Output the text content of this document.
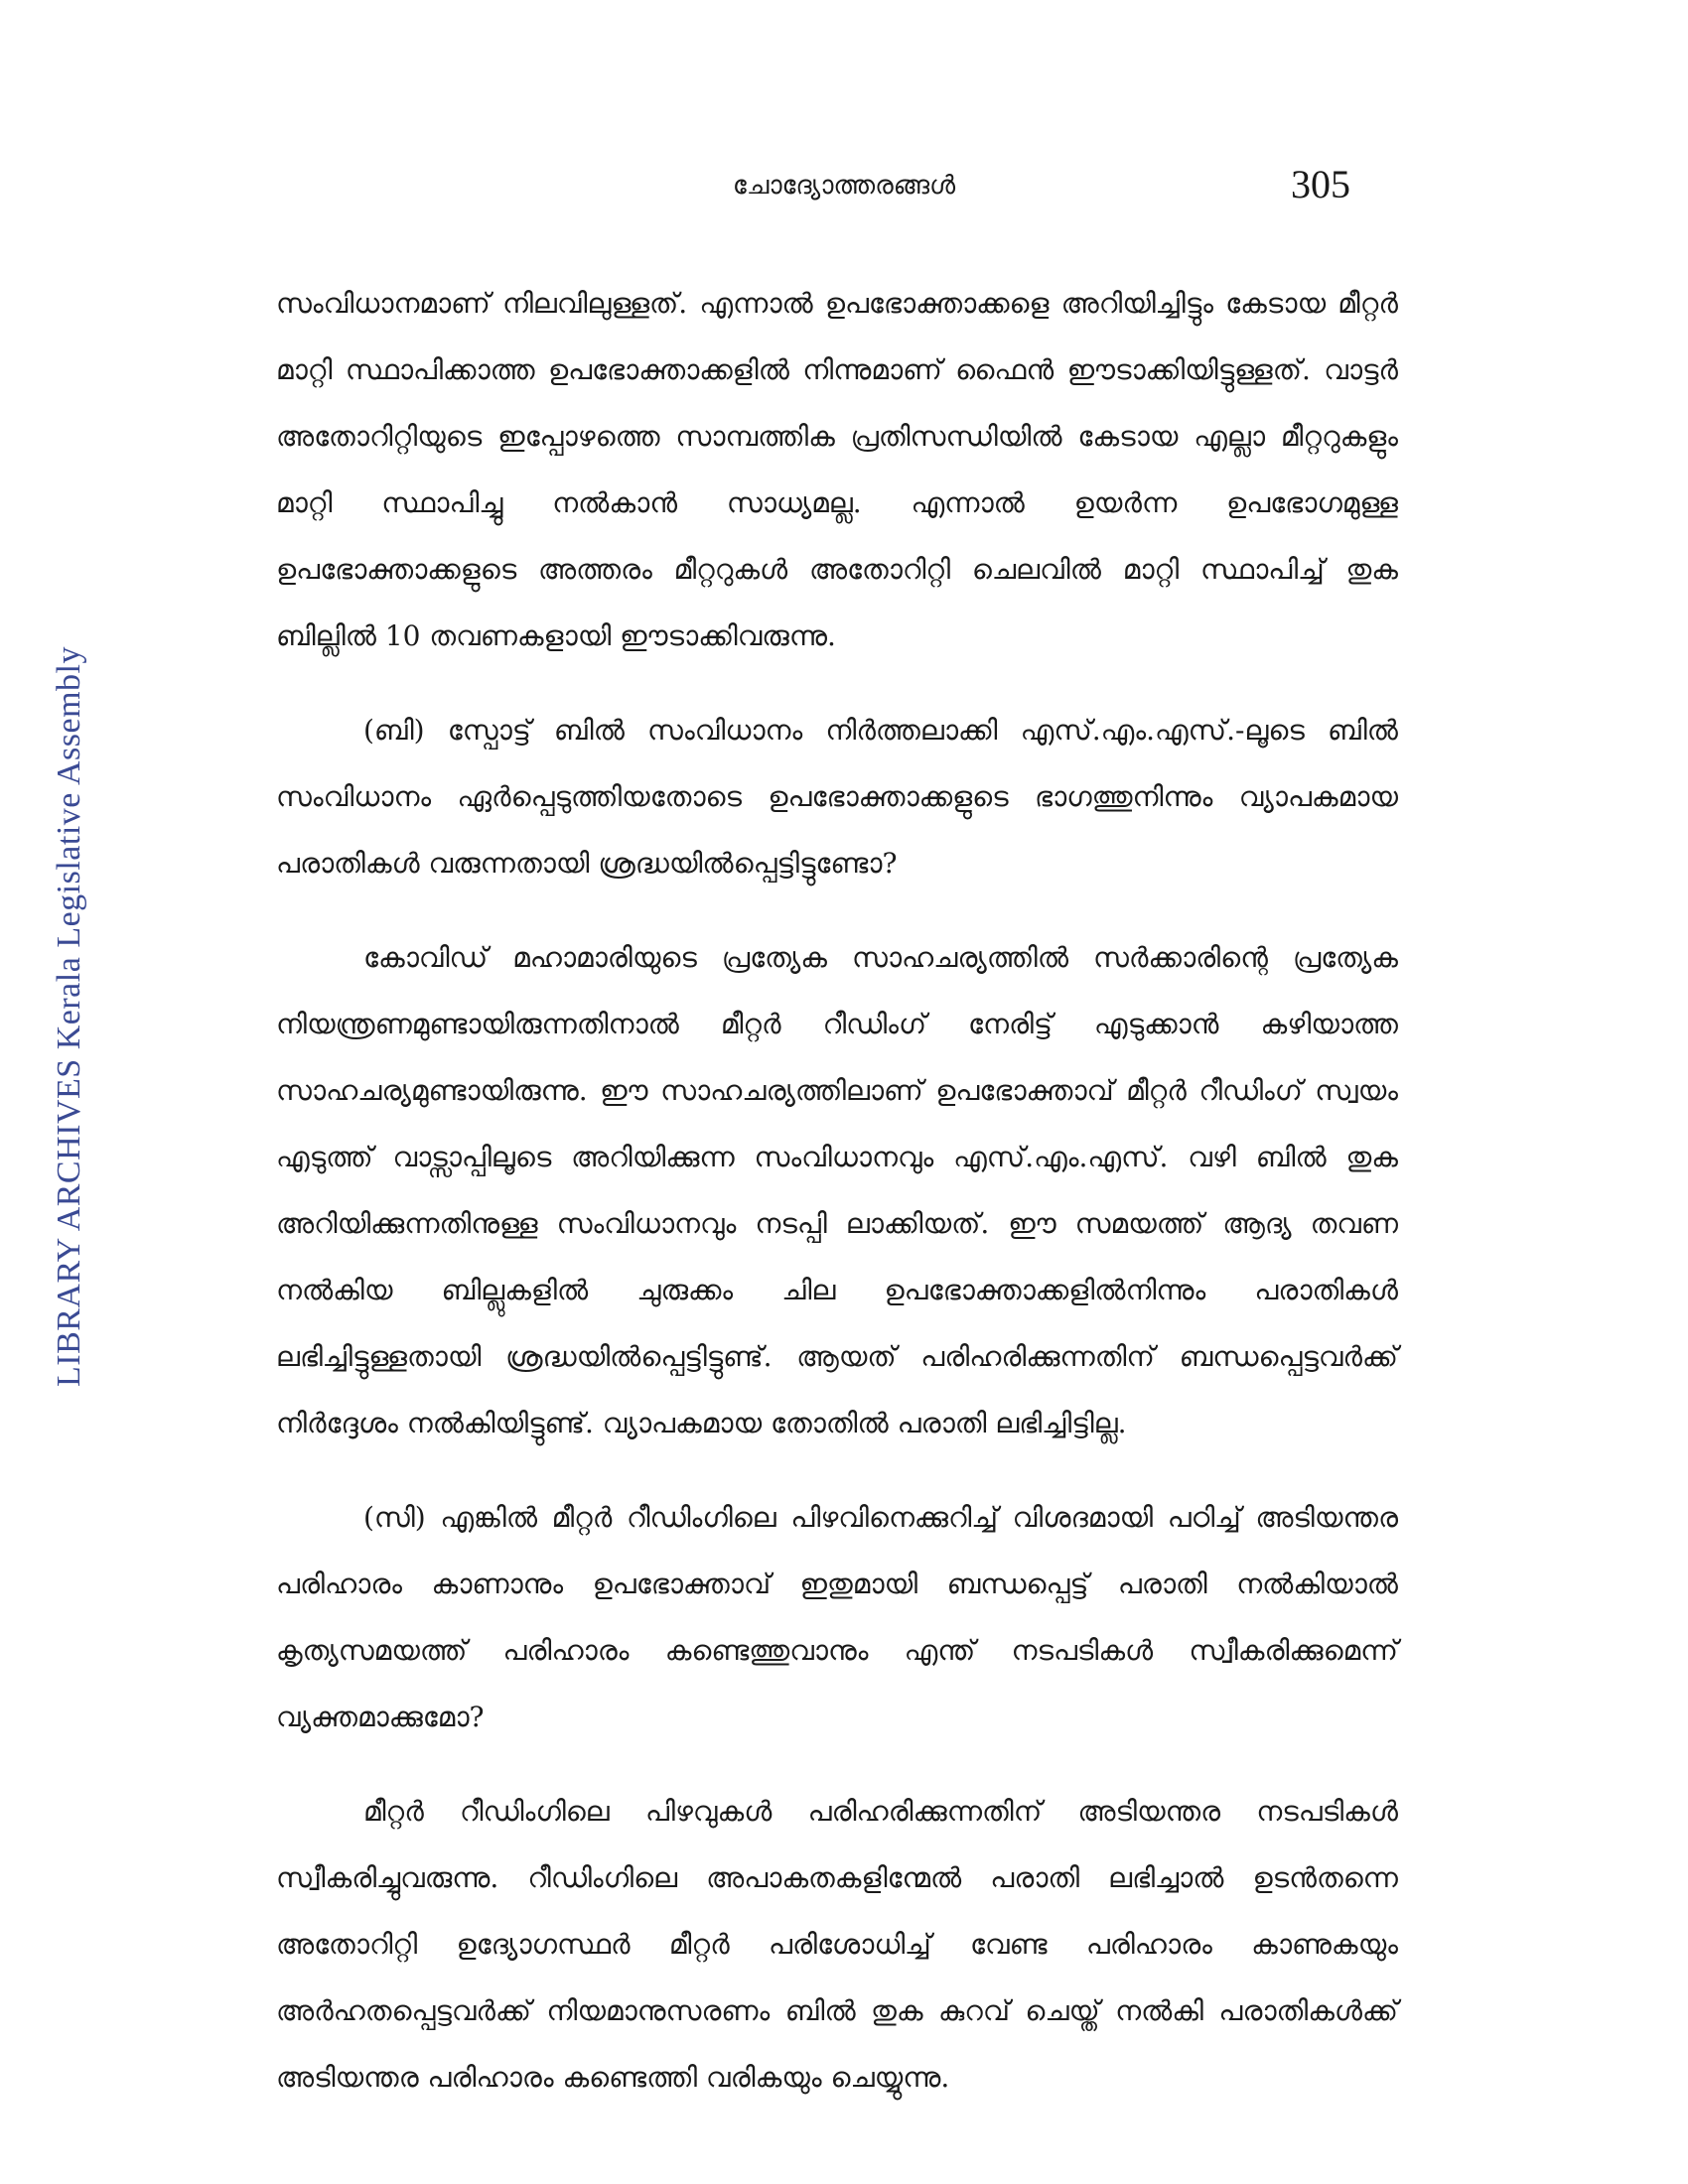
ചോദ്യോത്തരങ്ങൾ	305
LIBRARY ARCHIVES Kerala Legislative Assembly

സംവിധാനമാണ് നിലവിലുള്ളത്. എന്നാൽ ഉപഭോക്താക്കളെ അറിയിച്ചിട്ടും കേടായ മീറ്റർ മാറ്റി സ്ഥാപിക്കാത്ത ഉപഭോക്താക്കളിൽ നിന്നുമാണ് ഫൈൻ ഈടാക്കിയിട്ടുള്ളത്. വാട്ടർ അതോറിറ്റിയുടെ ഇപ്പോഴത്തെ സാമ്പത്തിക പ്രതിസന്ധിയിൽ കേടായ എല്ലാ മീറ്ററുകളും മാറ്റി സ്ഥാപിച്ചു നൽകാൻ സാധ്യമല്ല. എന്നാൽ ഉയർന്ന ഉപഭോഗമുള്ള ഉപഭോക്താക്കളുടെ അത്തരം മീറ്ററുകൾ അതോറിറ്റി ചെലവിൽ മാറ്റി സ്ഥാപിച്ച് തുക ബില്ലിൽ 10 തവണകളായി ഈടാക്കിവരുന്നു.

(ബി) സ്പോട്ട് ബിൽ സംവിധാനം നിർത്തലാക്കി എസ്.എം.എസ്.-ലൂടെ ബിൽ സംവിധാനം ഏർപ്പെടുത്തിയതോടെ ഉപഭോക്താക്കളുടെ ഭാഗത്തുനിന്നും വ്യാപകമായ പരാതികൾ വരുന്നതായി ശ്രദ്ധയിൽപ്പെട്ടിട്ടുണ്ടോ?

കോവിഡ് മഹാമാരിയുടെ പ്രത്യേക സാഹചര്യത്തിൽ സർക്കാരിന്റെ പ്രത്യേക നിയന്ത്രണമുണ്ടായിരുന്നതിനാൽ മീറ്റർ റീഡിംഗ് നേരിട്ട് എടുക്കാൻ കഴിയാത്ത സാഹചര്യമുണ്ടായിരുന്നു. ഈ സാഹചര്യത്തിലാണ് ഉപഭോക്താവ് മീറ്റർ റീഡിംഗ് സ്വയം എടുത്ത് വാട്സാപ്പിലൂടെ അറിയിക്കുന്ന സംവിധാനവും എസ്.എം.എസ്. വഴി ബിൽ തുക അറിയിക്കുന്നതിനുള്ള സംവിധാനവും നടപ്പി ലാക്കിയത്. ഈ സമയത്ത് ആദ്യ തവണ നൽകിയ ബില്ലുകളിൽ ചുരുക്കം ചില ഉപഭോക്താക്കളിൽനിന്നും പരാതികൾ ലഭിച്ചിട്ടുള്ളതായി ശ്രദ്ധയിൽപ്പെട്ടിട്ടുണ്ട്. ആയത് പരിഹരിക്കുന്നതിന് ബന്ധപ്പെട്ടവർക്ക് നിർദ്ദേശം നൽകിയിട്ടുണ്ട്. വ്യാപകമായ തോതിൽ പരാതി ലഭിച്ചിട്ടില്ല.

(സി) എങ്കിൽ മീറ്റർ റീഡിംഗിലെ പിഴവിനെക്കുറിച്ച് വിശദമായി പഠിച്ച് അടിയന്തര പരിഹാരം കാണാനും ഉപഭോക്താവ് ഇതുമായി ബന്ധപ്പെട്ട് പരാതി നൽകിയാൽ കൃത്യസമയത്ത് പരിഹാരം കണ്ടെത്തുവാനും എന്ത് നടപടികൾ സ്വീകരിക്കുമെന്ന് വ്യക്തമാക്കുമോ?

മീറ്റർ റീഡിംഗിലെ പിഴവുകൾ പരിഹരിക്കുന്നതിന് അടിയന്തര നടപടികൾ സ്വീകരിച്ചുവരുന്നു. റീഡിംഗിലെ അപാകതകളിന്മേൽ പരാതി ലഭിച്ചാൽ ഉടൻതന്നെ അതോറിറ്റി ഉദ്യോഗസ്ഥർ മീറ്റർ പരിശോധിച്ച് വേണ്ട പരിഹാരം കാണുകയും അർഹതപ്പെട്ടവർക്ക് നിയമാനുസരണം ബിൽ തുക കുറവ് ചെയ്ത് നൽകി പരാതികൾക്ക് അടിയന്തര പരിഹാരം കണ്ടെത്തി വരികയും ചെയ്യുന്നു.
